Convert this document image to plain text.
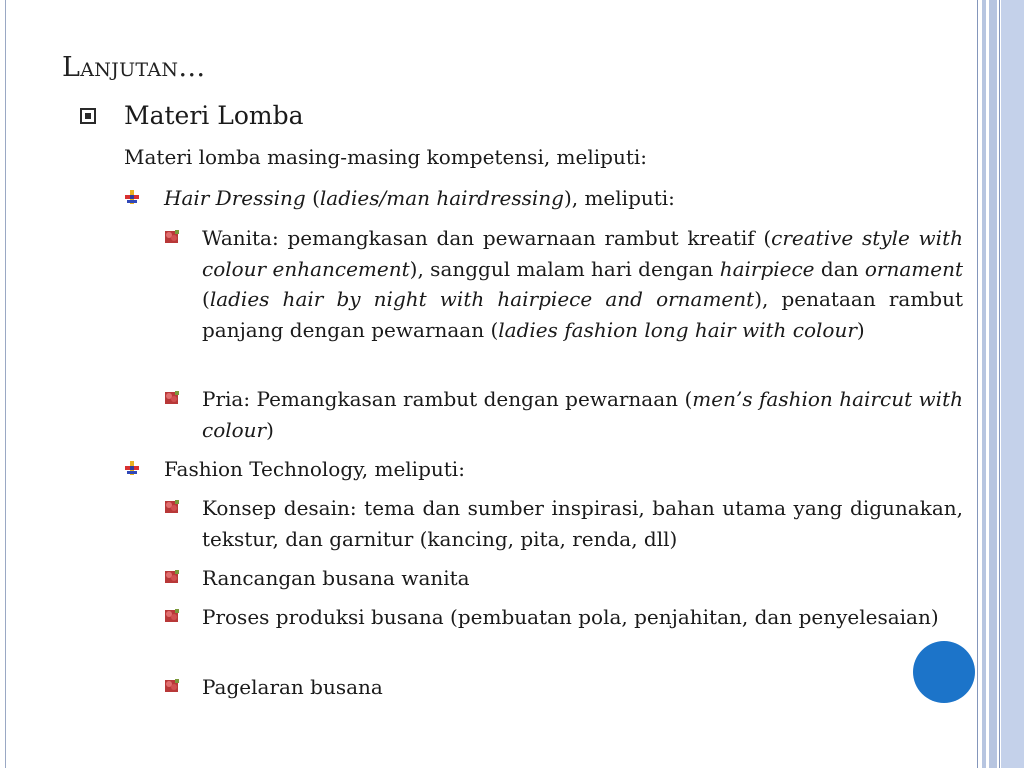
Lanjutan…
Materi Lomba
Materi lomba masing-masing kompetensi, meliputi:
Hair Dressing (ladies/man hairdressing), meliputi:
Wanita: pemangkasan dan pewarnaan rambut kreatif (creative style with colour enhancement), sanggul malam hari dengan hairpiece dan ornament (ladies hair by night with hairpiece and ornament), penataan rambut panjang dengan pewarnaan (ladies fashion long hair with colour)
Pria: Pemangkasan rambut dengan pewarnaan (men’s fashion haircut with colour)
Fashion Technology, meliputi:
Konsep desain: tema dan sumber inspirasi, bahan utama yang digunakan, tekstur, dan garnitur (kancing, pita, renda, dll)
Rancangan busana wanita
Proses produksi busana (pembuatan pola, penjahitan, dan penyelesaian)
Pagelaran busana
